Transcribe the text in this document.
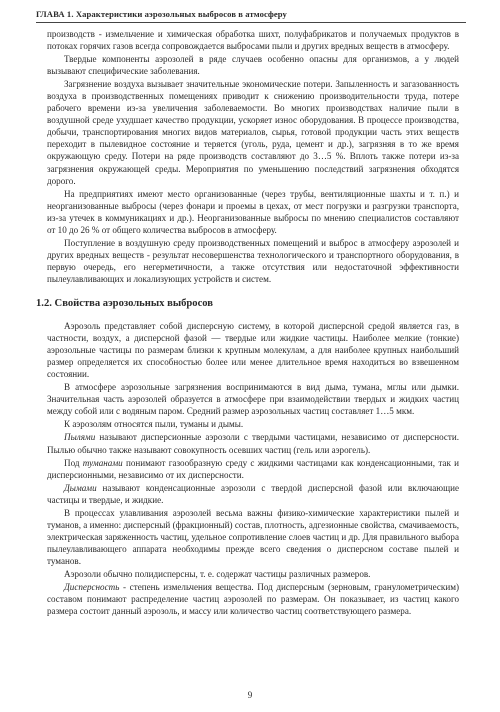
ГЛАВА 1. Характеристики аэрозольных выбросов в атмосферу

производств - измельчение и химическая обработка шихт, полуфабрикатов и получаемых продуктов в потоках горячих газов всегда сопровождается выбросами пыли и других вредных веществ в атмосферу.

Твердые компоненты аэрозолей в ряде случаев особенно опасны для организмов, а у людей вызывают специфические заболевания.

Загрязнение воздуха вызывает значительные экономические потери. Запыленность и загазованность воздуха в производственных помещениях приводит к снижению производительности труда, потере рабочего времени из-за увеличения заболеваемости. Во многих производствах наличие пыли в воздушной среде ухудшает качество продукции, ускоряет износ оборудования. В процессе производства, добычи, транспортирования многих видов материалов, сырья, готовой продукции часть этих веществ переходит в пылевидное состояние и теряется (уголь, руда, цемент и др.), загрязняя в то же время окружающую среду. Потери на ряде производств составляют до 3…5 %. Вплоть также потери из-за загрязнения окружающей среды. Мероприятия по уменьшению последствий загрязнения обходятся дорого.

На предприятиях имеют место организованные (через трубы, вентиляционные шахты и т. п.) и неорганизованные выбросы (через фонари и проемы в цехах, от мест погрузки и разгрузки транспорта, из-за утечек в коммуникациях и др.). Неорганизованные выбросы по мнению специалистов составляют от 10 до 26 % от общего количества выбросов в атмосферу.

Поступление в воздушную среду производственных помещений и выброс в атмосферу аэрозолей и других вредных веществ - результат несовершенства технологического и транспортного оборудования, в первую очередь, его негерметичности, а также отсутствия или недостаточной эффективности пылеулавливающих и локализующих устройств и систем.

1.2. Свойства аэрозольных выбросов

Аэрозоль представляет собой дисперсную систему, в которой дисперсной средой является газ, в частности, воздух, а дисперсной фазой — твердые или жидкие частицы. Наиболее мелкие (тонкие) аэрозольные частицы по размерам близки к крупным молекулам, а для наиболее крупных наибольший размер определяется их способностью более или менее длительное время находиться во взвешенном состоянии.

В атмосфере аэрозольные загрязнения воспринимаются в вид дыма, тумана, мглы или дымки. Значительная часть аэрозолей образуется в атмосфере при взаимодействии твердых и жидких частиц между собой или с водяным паром. Средний размер аэрозольных частиц составляет 1…5 мкм.

К аэрозолям относятся пыли, туманы и дымы.

Пылями называют дисперсионные аэрозоли с твердыми частицами, независимо от дисперсности. Пылью обычно также называют совокупность осевших частиц (гель или аэрогель).

Под туманами понимают газообразную среду с жидкими частицами как конденсационными, так и дисперсионными, независимо от их дисперсности.

Дымами называют конденсационные аэрозоли с твердой дисперсной фазой или включающие частицы и твердые, и жидкие.

В процессах улавливания аэрозолей весьма важны физико-химические характеристики пылей и туманов, а именно: дисперсный (фракционный) состав, плотность, адгезионные свойства, смачиваемость, электрическая заряженность частиц, удельное сопротивление слоев частиц и др. Для правильного выбора пылеулавливающего аппарата необходимы прежде всего сведения о дисперсном составе пылей и туманов.

Аэрозоли обычно полидисперсны, т. е. содержат частицы различных размеров.

Дисперсность - степень измельчения вещества. Под дисперсным (зерновым, гранулометрическим) составом понимают распределение частиц аэрозолей по размерам. Он показывает, из частиц какого размера состоит данный аэрозоль, и массу или количество частиц соответствующего размера.

9
